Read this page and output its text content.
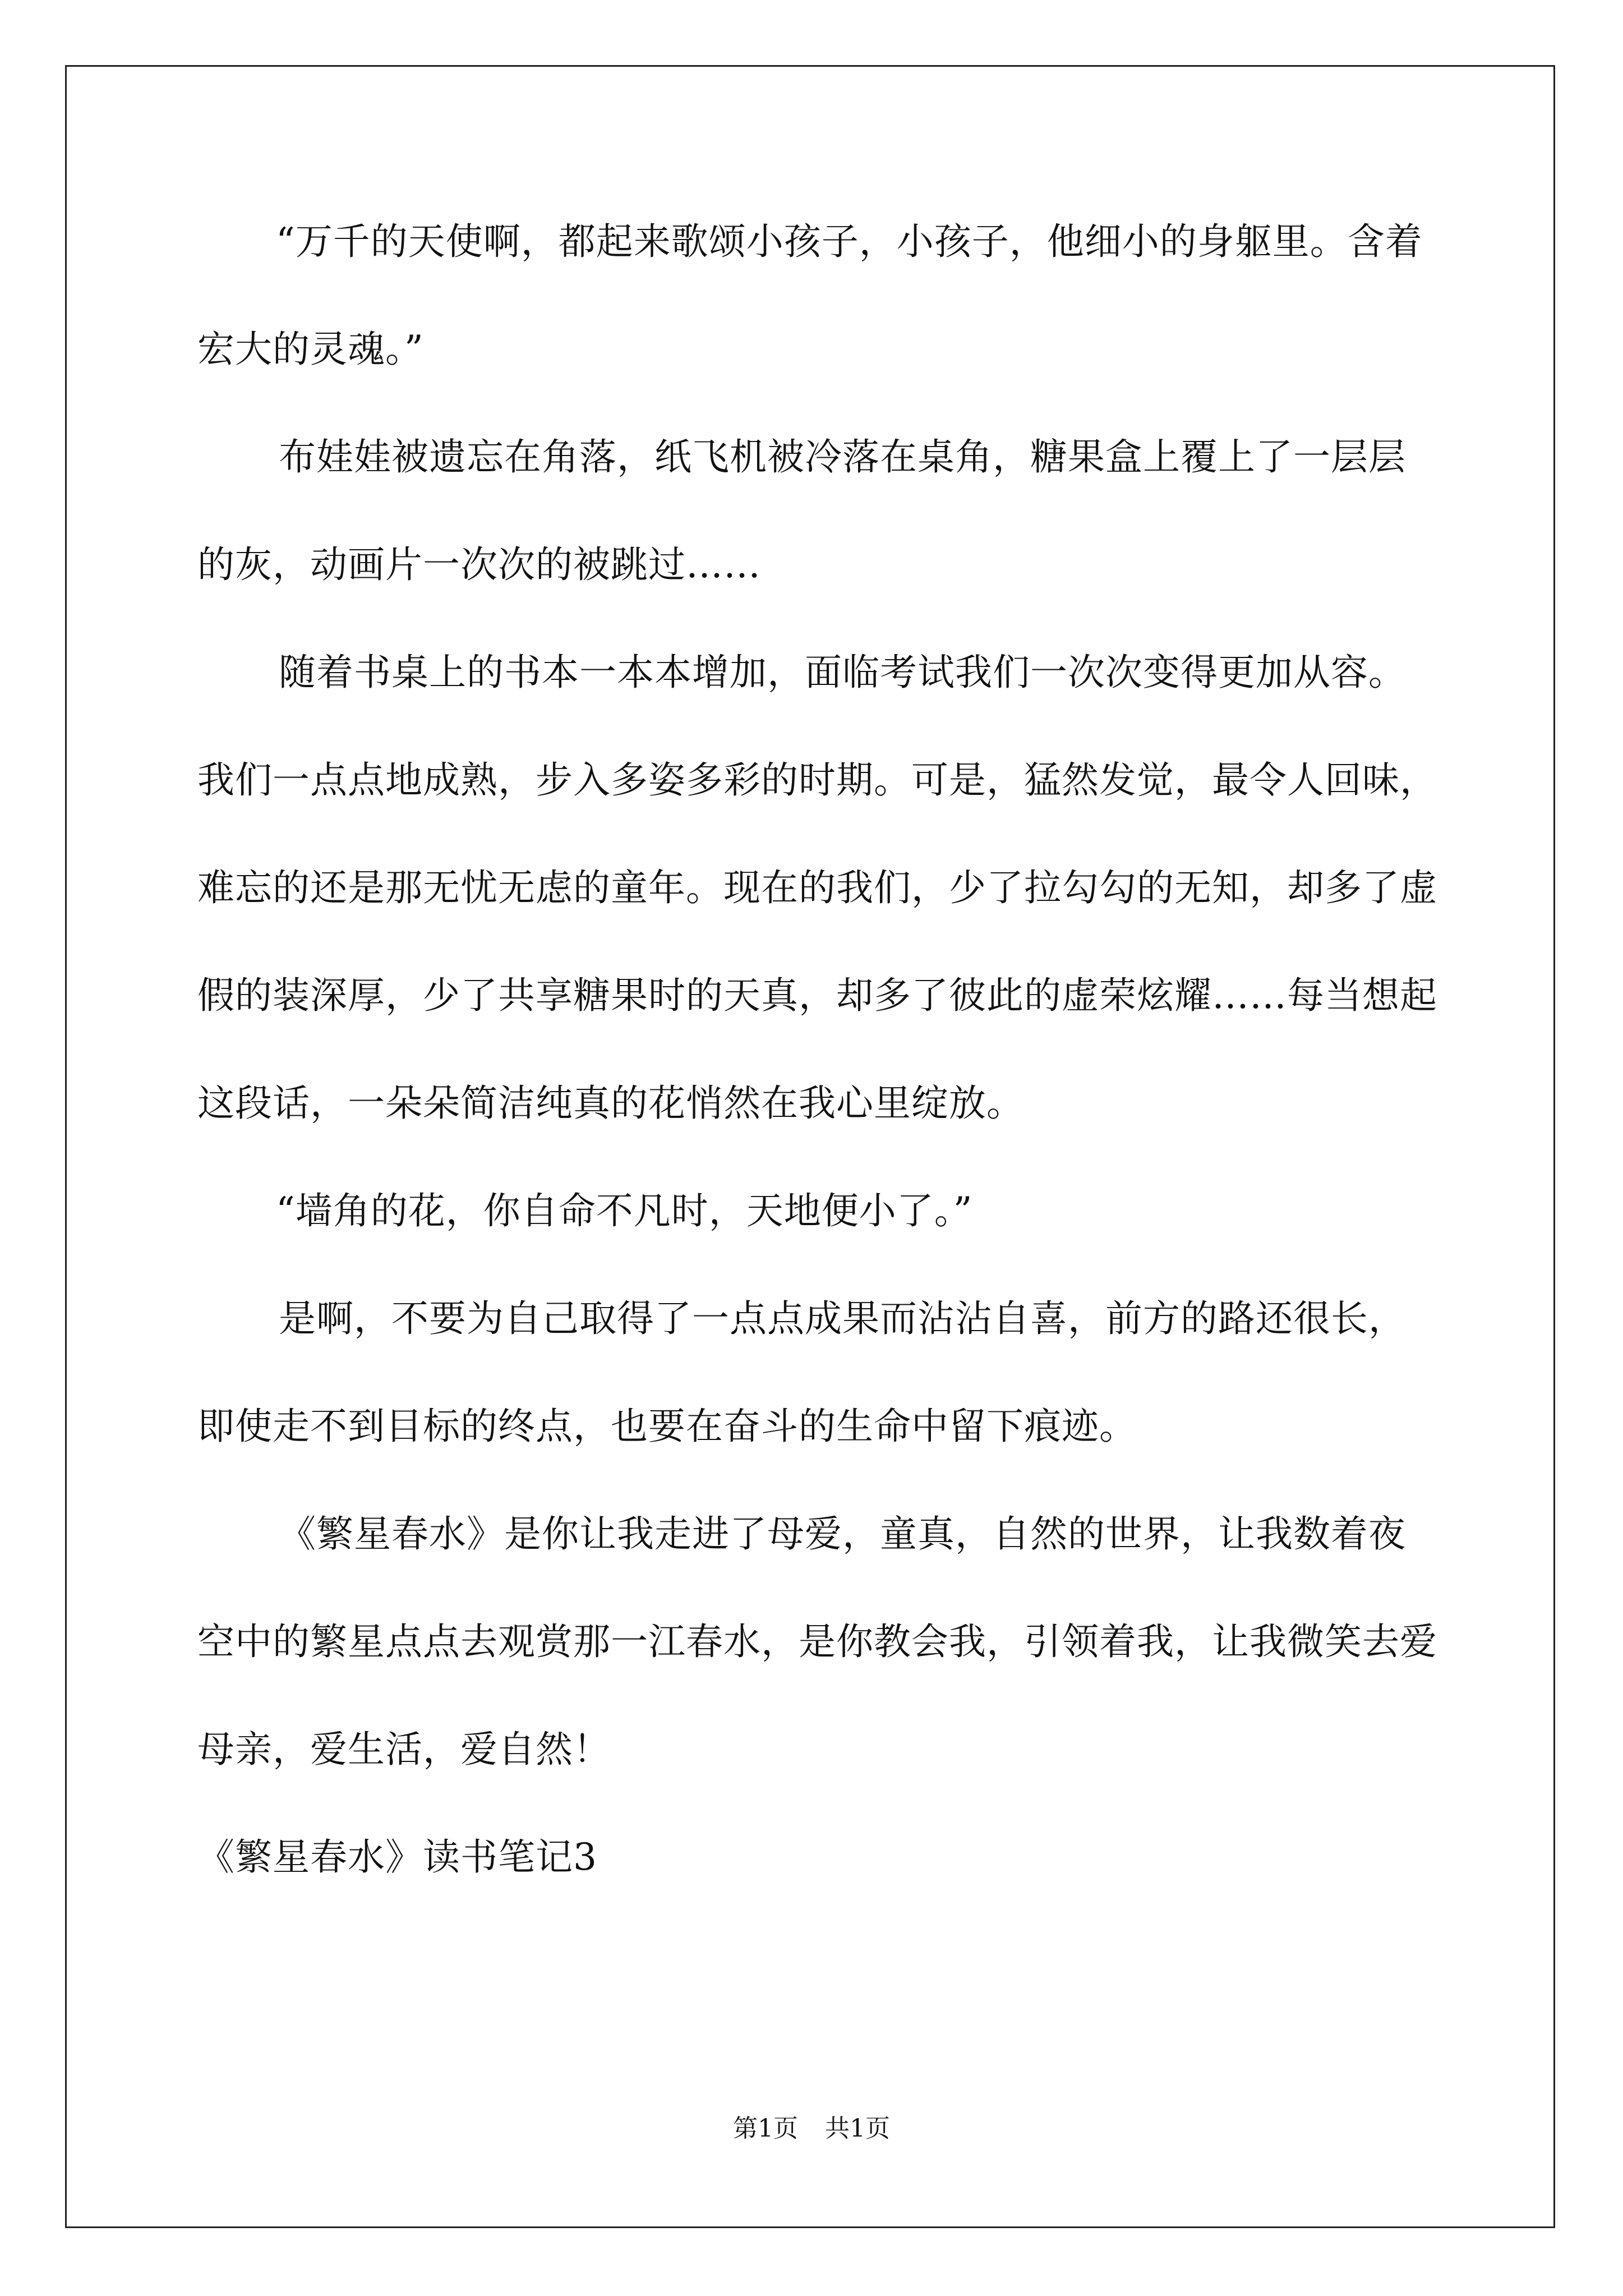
“万千的天使啊，都起来歌颂小孩子，小孩子，他细小的身躯里。含着宏大的灵魂。”

布娃娃被遗忘在角落，纸飞机被冷落在桌角，糖果盒上覆上了一层层的灰，动画片一次次的被跳过……

随着书桌上的书本一本本增加，面临考试我们一次次变得更加从容。我们一点点地成熟，步入多姿多彩的时期。可是，猛然发觉，最令人回味，难忘的还是那无忧无虑的童年。现在的我们，少了拉勾勾的无知，却多了虚假的装深厚，少了共享糖果时的天真，却多了彼此的虚荣炫耀……每当想起这段话，一朵朵简洁纯真的花悄然在我心里绽放。

“墙角的花，你自命不凡时，天地便小了。”

是啊，不要为自己取得了一点点成果而沾沾自喜，前方的路还很长，即使走不到目标的终点，也要在奋斗的生命中留下痕迹。

《繁星春水》是你让我走进了母爱，童真，自然的世界，让我数着夜空中的繁星点点去观赏那一江春水，是你教会我，引领着我，让我微笑去爱母亲，爱生活，爱自然！

《繁星春水》读书笔记3

第1页 共1页
